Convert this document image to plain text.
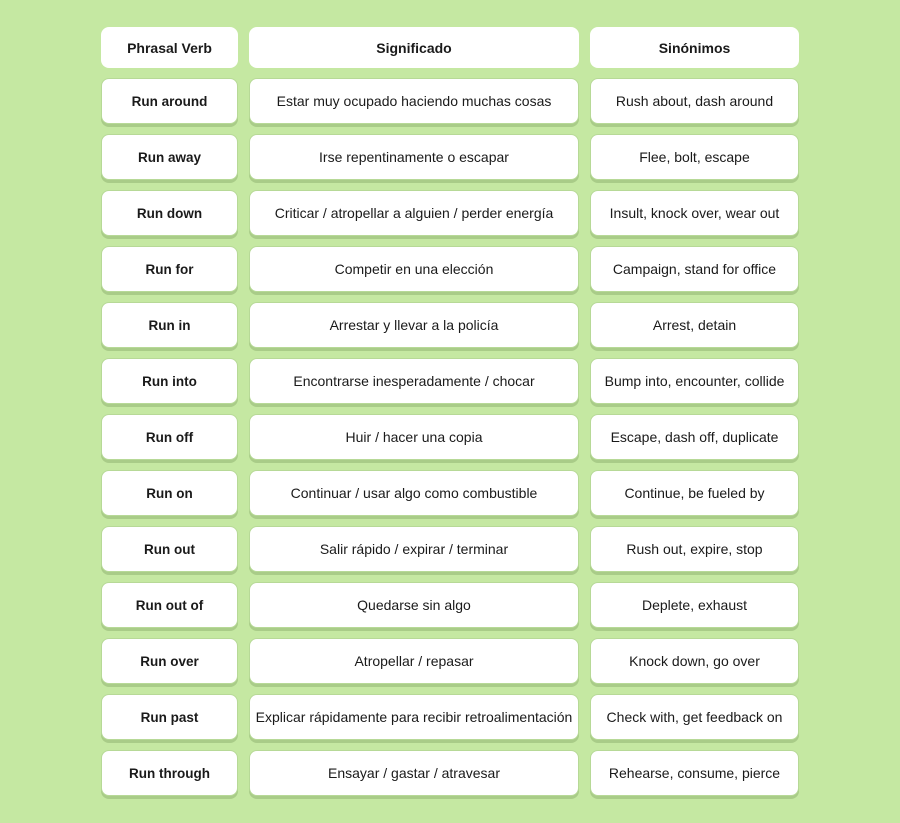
Phrasal Verb	Significado	Sinónimos
Run around	Estar muy ocupado haciendo muchas cosas	Rush about, dash around
Run away	Irse repentinamente o escapar	Flee, bolt, escape
Run down	Criticar / atropellar a alguien / perder energía	Insult, knock over, wear out
Run for	Competir en una elección	Campaign, stand for office
Run in	Arrestar y llevar a la policía	Arrest, detain
Run into	Encontrarse inesperadamente / chocar	Bump into, encounter, collide
Run off	Huir / hacer una copia	Escape, dash off, duplicate
Run on	Continuar / usar algo como combustible	Continue, be fueled by
Run out	Salir rápido / expirar / terminar	Rush out, expire, stop
Run out of	Quedarse sin algo	Deplete, exhaust
Run over	Atropellar / repasar	Knock down, go over
Run past	Explicar rápidamente para recibir retroalimentación	Check with, get feedback on
Run through	Ensayar / gastar / atravesar	Rehearse, consume, pierce
